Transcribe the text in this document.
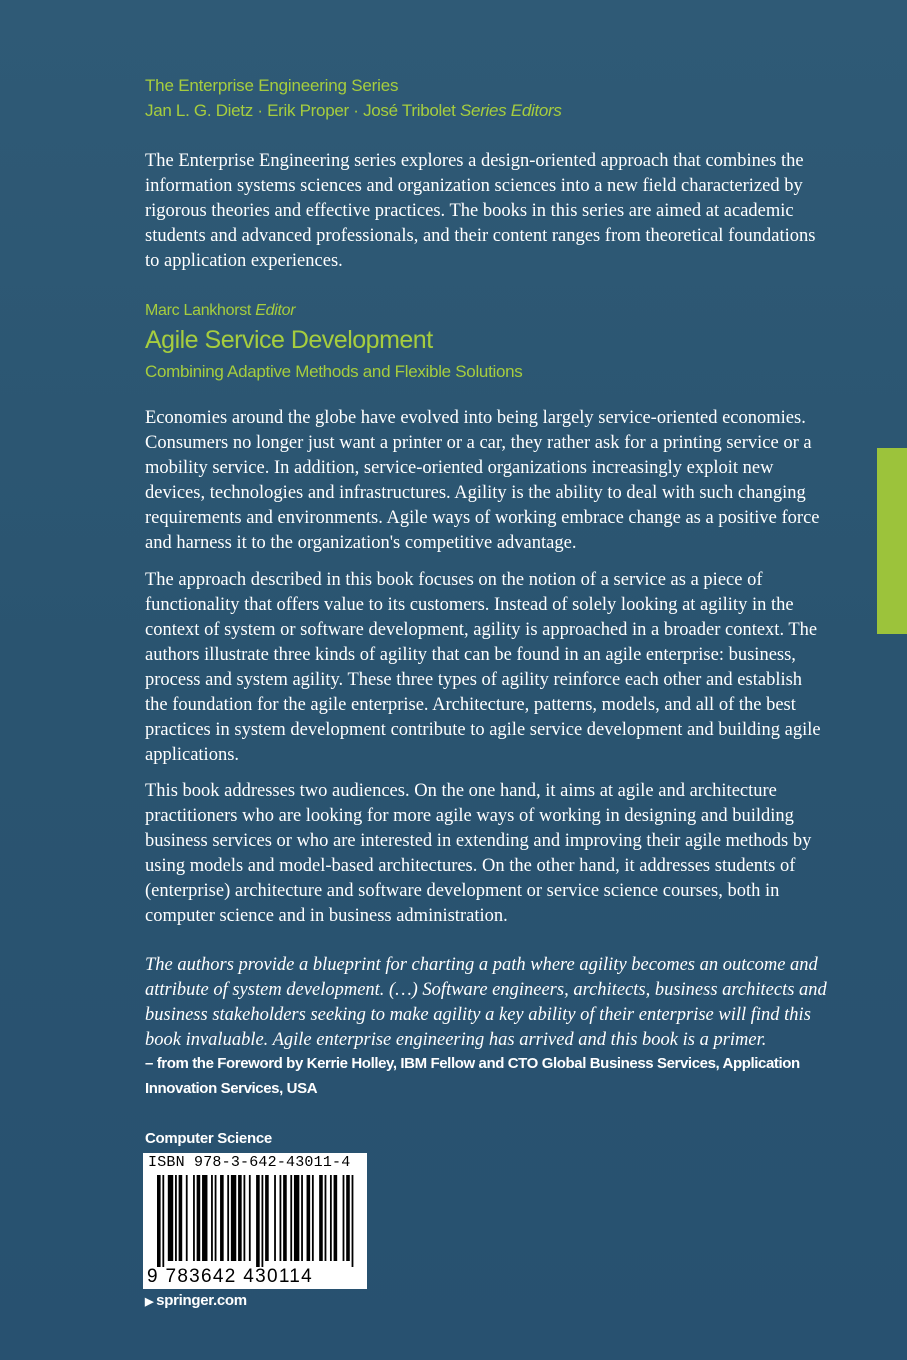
The Enterprise Engineering Series
Jan L. G. Dietz · Erik Proper · José Tribolet Series Editors

The Enterprise Engineering series explores a design-oriented approach that combines the information systems sciences and organization sciences into a new field characterized by rigorous theories and effective practices. The books in this series are aimed at academic students and advanced professionals, and their content ranges from theoretical foundations to application experiences.

Marc Lankhorst Editor
Agile Service Development
Combining Adaptive Methods and Flexible Solutions

Economies around the globe have evolved into being largely service-oriented economies. Consumers no longer just want a printer or a car, they rather ask for a printing service or a mobility service. In addition, service-oriented organizations increasingly exploit new devices, technologies and infrastructures. Agility is the ability to deal with such changing requirements and environments. Agile ways of working embrace change as a positive force and harness it to the organization's competitive advantage.

The approach described in this book focuses on the notion of a service as a piece of functionality that offers value to its customers. Instead of solely looking at agility in the context of system or software development, agility is approached in a broader context. The authors illustrate three kinds of agility that can be found in an agile enterprise: business, process and system agility. These three types of agility reinforce each other and establish the foundation for the agile enterprise. Architecture, patterns, models, and all of the best practices in system development contribute to agile service development and building agile applications.

This book addresses two audiences. On the one hand, it aims at agile and architecture practitioners who are looking for more agile ways of working in designing and building business services or who are interested in extending and improving their agile methods by using models and model-based architectures. On the other hand, it addresses students of (enterprise) architecture and software development or service science courses, both in computer science and in business administration.

The authors provide a blueprint for charting a path where agility becomes an outcome and attribute of system development. (…) Software engineers, architects, business architects and business stakeholders seeking to make agility a key ability of their enterprise will find this book invaluable. Agile enterprise engineering has arrived and this book is a primer.

– from the Foreword by Kerrie Holley, IBM Fellow and CTO Global Business Services, Application Innovation Services, USA
Computer Science
ISBN 978-3-642-43011-4
9 783642 430114
▶ springer.com
